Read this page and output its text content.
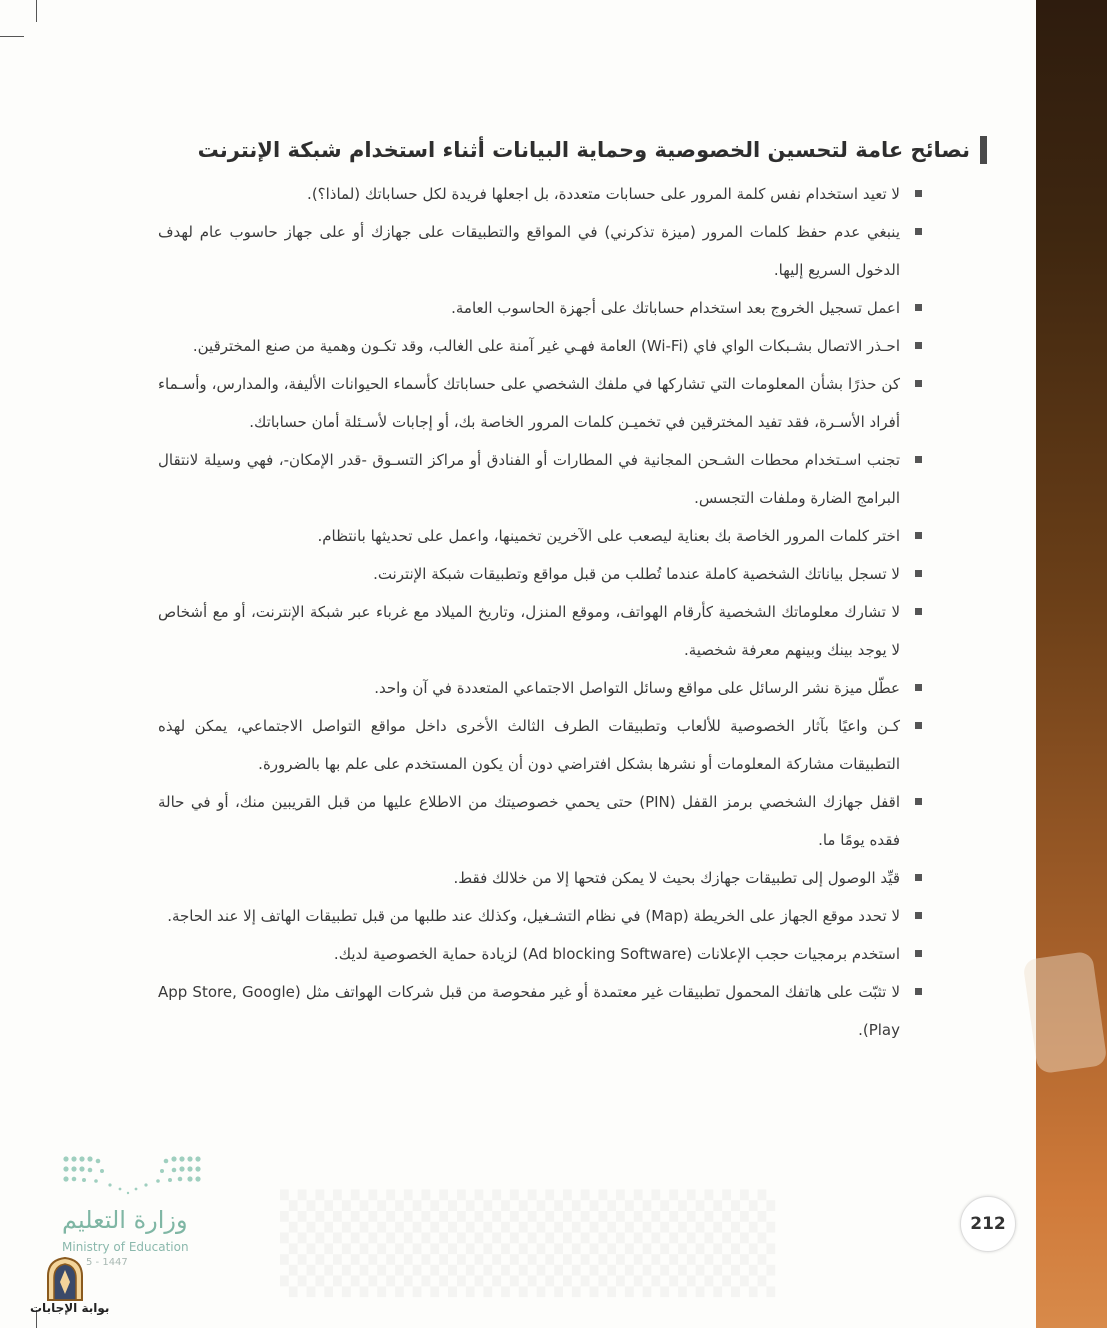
نصائح عامة لتحسين الخصوصية وحماية البيانات أثناء استخدام شبكة الإنترنت

لا تعيد استخدام نفس كلمة المرور على حسابات متعددة، بل اجعلها فريدة لكل حساباتك (لماذا؟).

ينبغي عدم حفظ كلمات المرور (ميزة تذكرني) في المواقع والتطبيقات على جهازك أو على جهاز حاسوب عام لهدف الدخول السريع إليها.

اعمل تسجيل الخروج بعد استخدام حساباتك على أجهزة الحاسوب العامة.

احـذر الاتصال بشـبكات الواي فاي (Wi-Fi) العامة فهـي غير آمنة على الغالب، وقد تكـون وهمية من صنع المخترقين.

كن حذرًا بشأن المعلومات التي تشاركها في ملفك الشخصي على حساباتك كأسماء الحيوانات الأليفة، والمدارس، وأسـماء أفراد الأسـرة، فقد تفيد المخترقين في تخميـن كلمات المرور الخاصة بك، أو إجابات لأسـئلة أمان حساباتك.

تجنب اسـتخدام محطات الشـحن المجانية في المطارات أو الفنادق أو مراكز التسـوق -قدر الإمكان-، فهي وسيلة لانتقال البرامج الضارة وملفات التجسس.

اختر كلمات المرور الخاصة بك بعناية ليصعب على الآخرين تخمينها، واعمل على تحديثها بانتظام.

لا تسجل بياناتك الشخصية كاملة عندما تُطلب من قبل مواقع وتطبيقات شبكة الإنترنت.

لا تشارك معلوماتك الشخصية كأرقام الهواتف، وموقع المنزل، وتاريخ الميلاد مع غرباء عبر شبكة الإنترنت، أو مع أشخاص لا يوجد بينك وبينهم معرفة شخصية.

عطّل ميزة نشر الرسائل على مواقع وسائل التواصل الاجتماعي المتعددة في آن واحد.

كـن واعيًا بآثار الخصوصية للألعاب وتطبيقات الطرف الثالث الأخرى داخل مواقع التواصل الاجتماعي، يمكن لهذه التطبيقات مشاركة المعلومات أو نشرها بشكل افتراضي دون أن يكون المستخدم على علم بها بالضرورة.

اقفل جهازك الشخصي برمز القفل (PIN) حتى يحمي خصوصيتك من الاطلاع عليها من قبل القريبين منك، أو في حالة فقده يومًا ما.

قيِّد الوصول إلى تطبيقات جهازك بحيث لا يمكن فتحها إلا من خلالك فقط.

لا تحدد موقع الجهاز على الخريطة (Map) في نظام التشـغيل، وكذلك عند طلبها من قبل تطبيقات الهاتف إلا عند الحاجة.

استخدم برمجيات حجب الإعلانات (Ad blocking Software) لزيادة حماية الخصوصية لديك.

لا تثبّت على هاتفك المحمول تطبيقات غير معتمدة أو غير مفحوصة من قبل شركات الهواتف مثل (App Store, Google Play).

وزارة التعليم
Ministry of Education
5 - 1447
بوابة الإجابات
212
